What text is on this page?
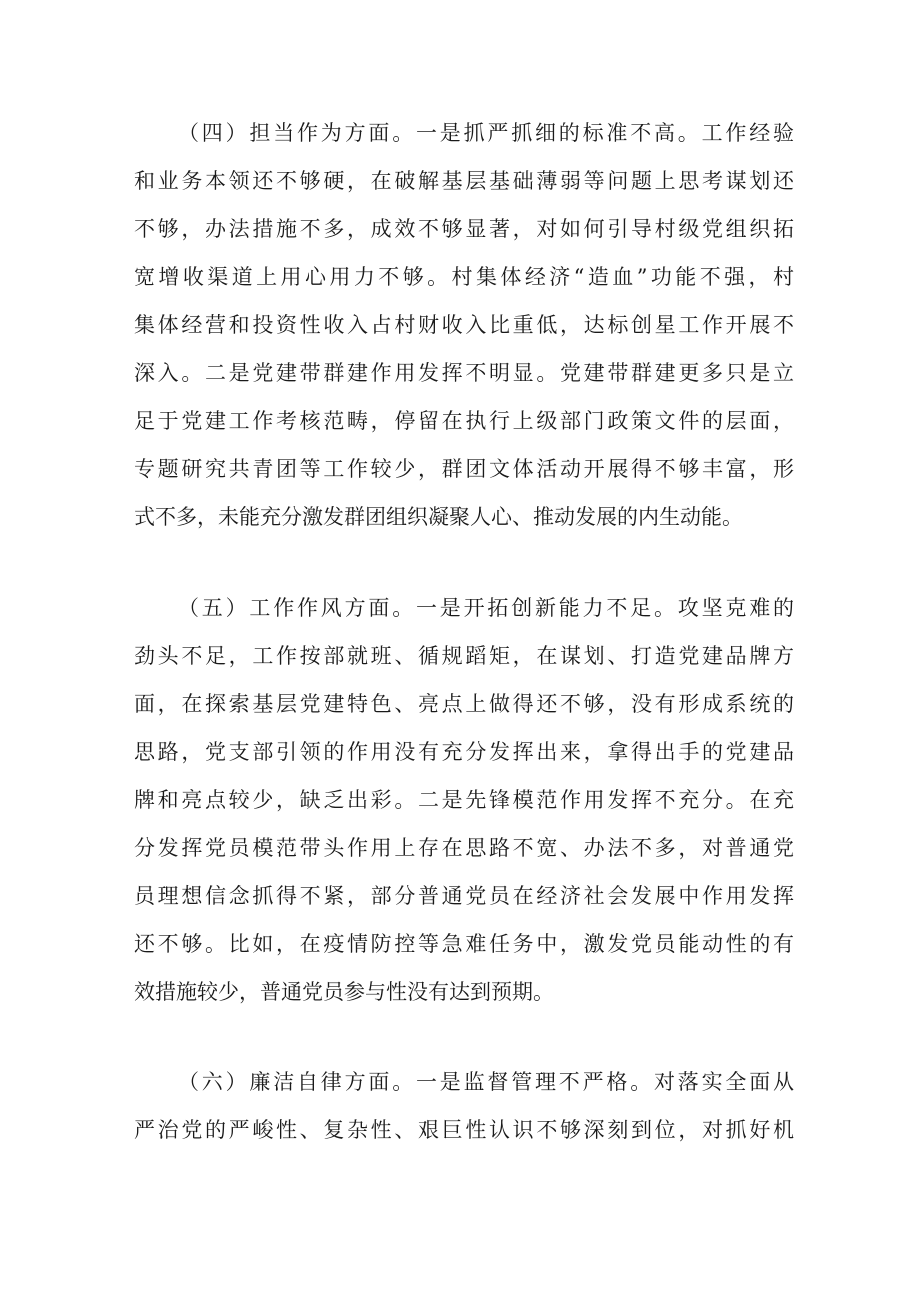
（四）担当作为方面。一是抓严抓细的标准不高。工作经验
和业务本领还不够硬，在破解基层基础薄弱等问题上思考谋划还
不够，办法措施不多，成效不够显著，对如何引导村级党组织拓
宽增收渠道上用心用力不够。村集体经济“造血”功能不强，村
集体经营和投资性收入占村财收入比重低，达标创星工作开展不
深入。二是党建带群建作用发挥不明显。党建带群建更多只是立
足于党建工作考核范畴，停留在执行上级部门政策文件的层面，
专题研究共青团等工作较少，群团文体活动开展得不够丰富，形
式不多，未能充分激发群团组织凝聚人心、推动发展的内生动能。
（五）工作作风方面。一是开拓创新能力不足。攻坚克难的
劲头不足，工作按部就班、循规蹈矩，在谋划、打造党建品牌方
面，在探索基层党建特色、亮点上做得还不够，没有形成系统的
思路，党支部引领的作用没有充分发挥出来，拿得出手的党建品
牌和亮点较少，缺乏出彩。二是先锋模范作用发挥不充分。在充
分发挥党员模范带头作用上存在思路不宽、办法不多，对普通党
员理想信念抓得不紧，部分普通党员在经济社会发展中作用发挥
还不够。比如，在疫情防控等急难任务中，激发党员能动性的有
效措施较少，普通党员参与性没有达到预期。
（六）廉洁自律方面。一是监督管理不严格。对落实全面从
严治党的严峻性、复杂性、艰巨性认识不够深刻到位，对抓好机
